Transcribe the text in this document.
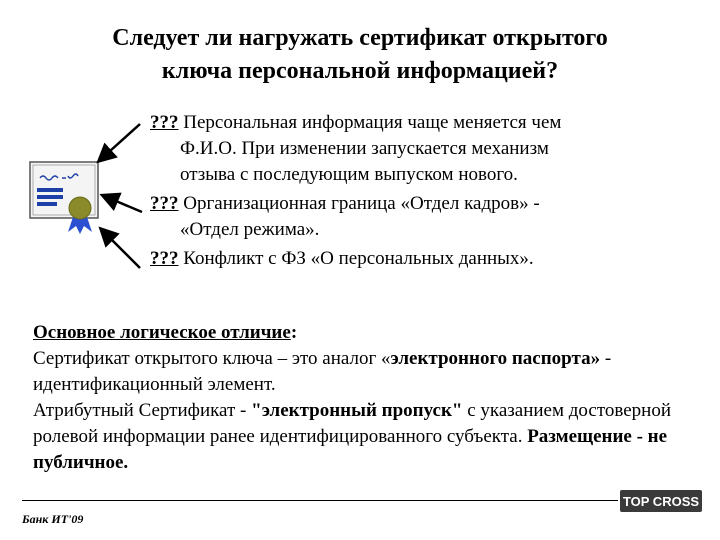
Следует ли нагружать сертификат открытого
ключа персональной информацией?
??? Персональная информация чаще меняется чем
Ф.И.О. При изменении запускается механизм
отзыва с последующим выпуском нового.
??? Организационная граница «Отдел кадров» -
«Отдел режима».
??? Конфликт с ФЗ «О персональных данных».
Основное логическое отличие:
Сертификат открытого ключа – это аналог «электронного паспорта» - идентификационный элемент.
Атрибутный Сертификат - "электронный пропуск" с указанием достоверной ролевой информации ранее идентифицированного субъекта. Размещение - не публичное.
Банк ИТ'09
TOP CROSS
